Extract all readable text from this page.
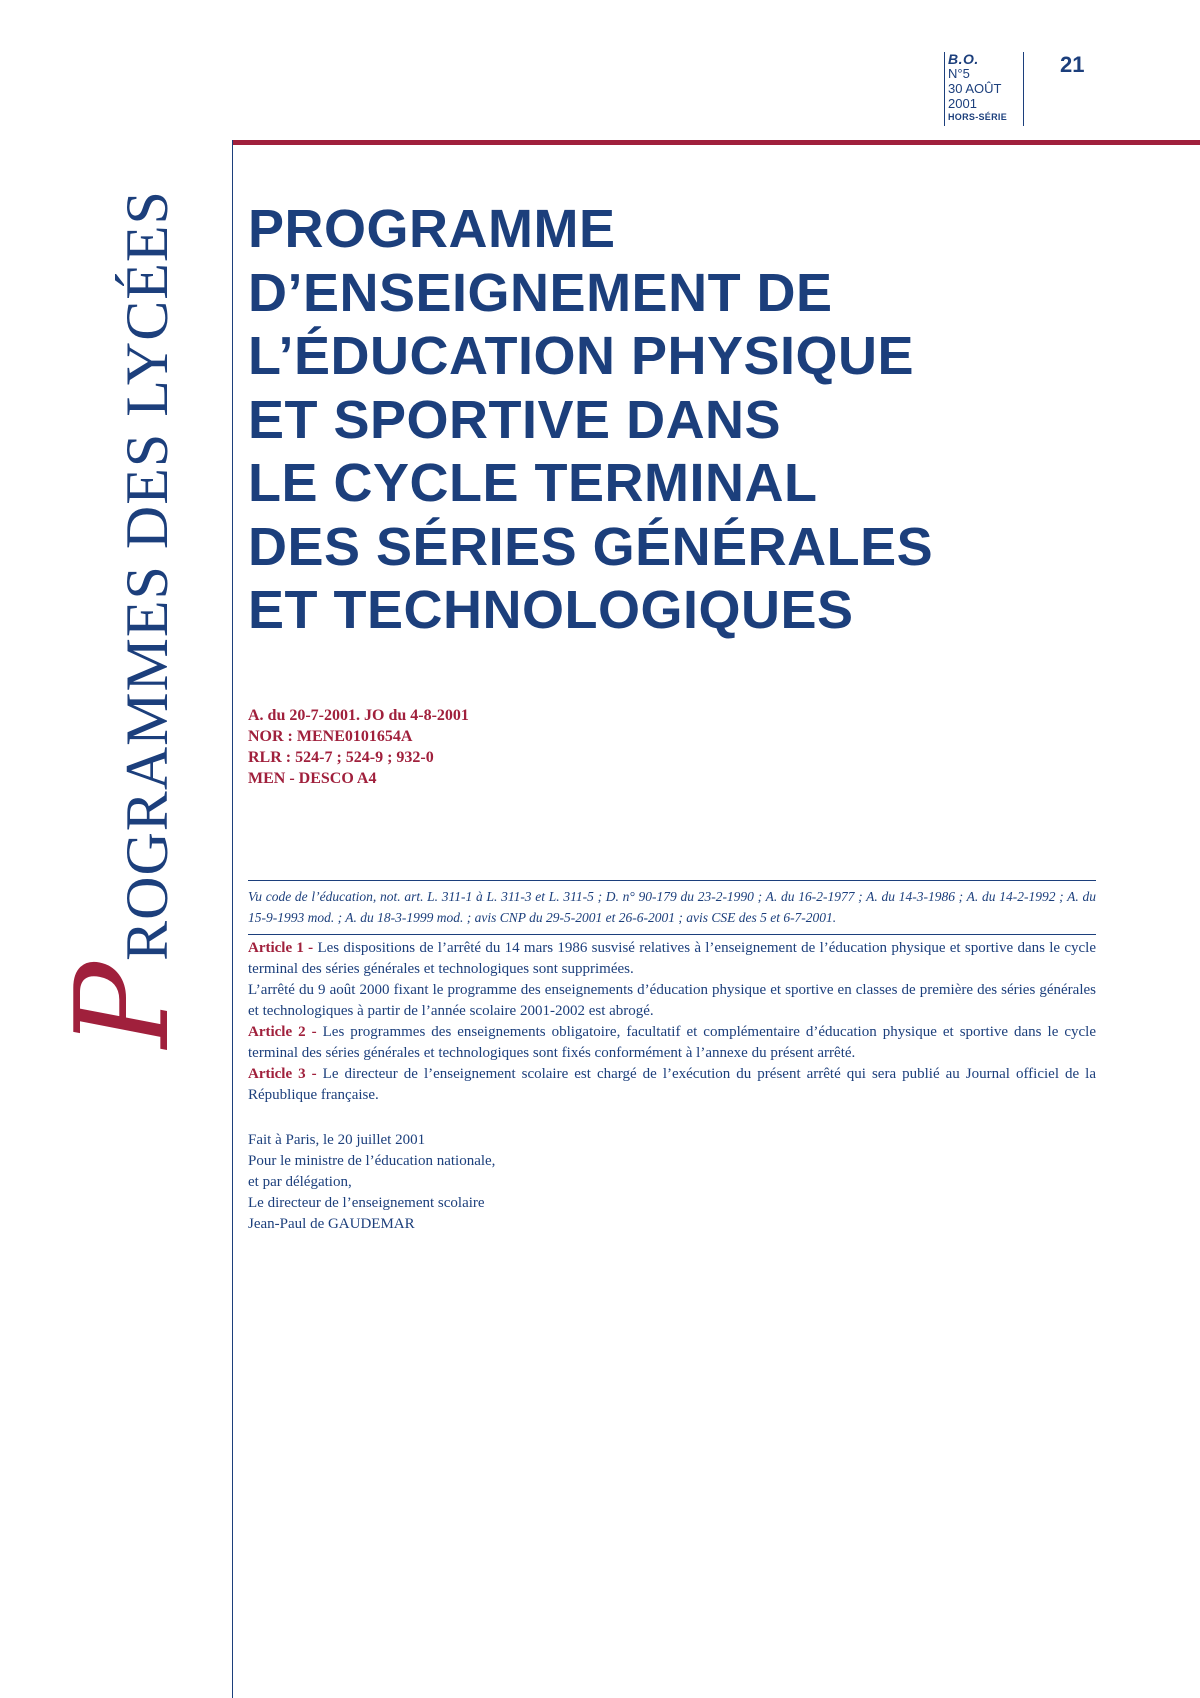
B.O.
N°5
30 AOÛT
2001
HORS-SÉRIE
21
PROGRAMMES DES LYCÉES	PROGRAMME
D’ENSEIGNEMENT DE
L’ÉDUCATION PHYSIQUE
ET SPORTIVE DANS
LE CYCLE TERMINAL
DES SÉRIES GÉNÉRALES
ET TECHNOLOGIQUES
A. du 20-7-2001. JO du 4-8-2001
NOR : MENE0101654A
RLR : 524-7 ; 524-9 ; 932-0
MEN - DESCO A4
Vu code de l’éducation, not. art. L. 311-1 à L. 311-3 et L. 311-5 ; D. n° 90-179 du 23-2-1990 ; A. du 16-2-1977 ; A. du 14-3-1986 ; A. du 14-2-1992 ; A. du 15-9-1993 mod. ; A. du 18-3-1999 mod. ; avis CNP du 29-5-2001 et 26-6-2001 ; avis CSE des 5 et 6-7-2001.

Article 1 - Les dispositions de l’arrêté du 14 mars 1986 susvisé relatives à l’enseignement de l’éducation physique et sportive dans le cycle terminal des séries générales et technologiques sont supprimées.

L’arrêté du 9 août 2000 fixant le programme des enseignements d’éducation physique et sportive en classes de première des séries générales et technologiques à partir de l’année scolaire 2001-2002 est abrogé.

Article 2 - Les programmes des enseignements obligatoire, facultatif et complémentaire d’éducation physique et sportive dans le cycle terminal des séries générales et technologiques sont fixés conformément à l’annexe du présent arrêté.

Article 3 - Le directeur de l’enseignement scolaire est chargé de l’exécution du présent arrêté qui sera publié au Journal officiel de la République française.

Fait à Paris, le 20 juillet 2001
Pour le ministre de l’éducation nationale,
et par délégation,
Le directeur de l’enseignement scolaire
Jean-Paul de GAUDEMAR
